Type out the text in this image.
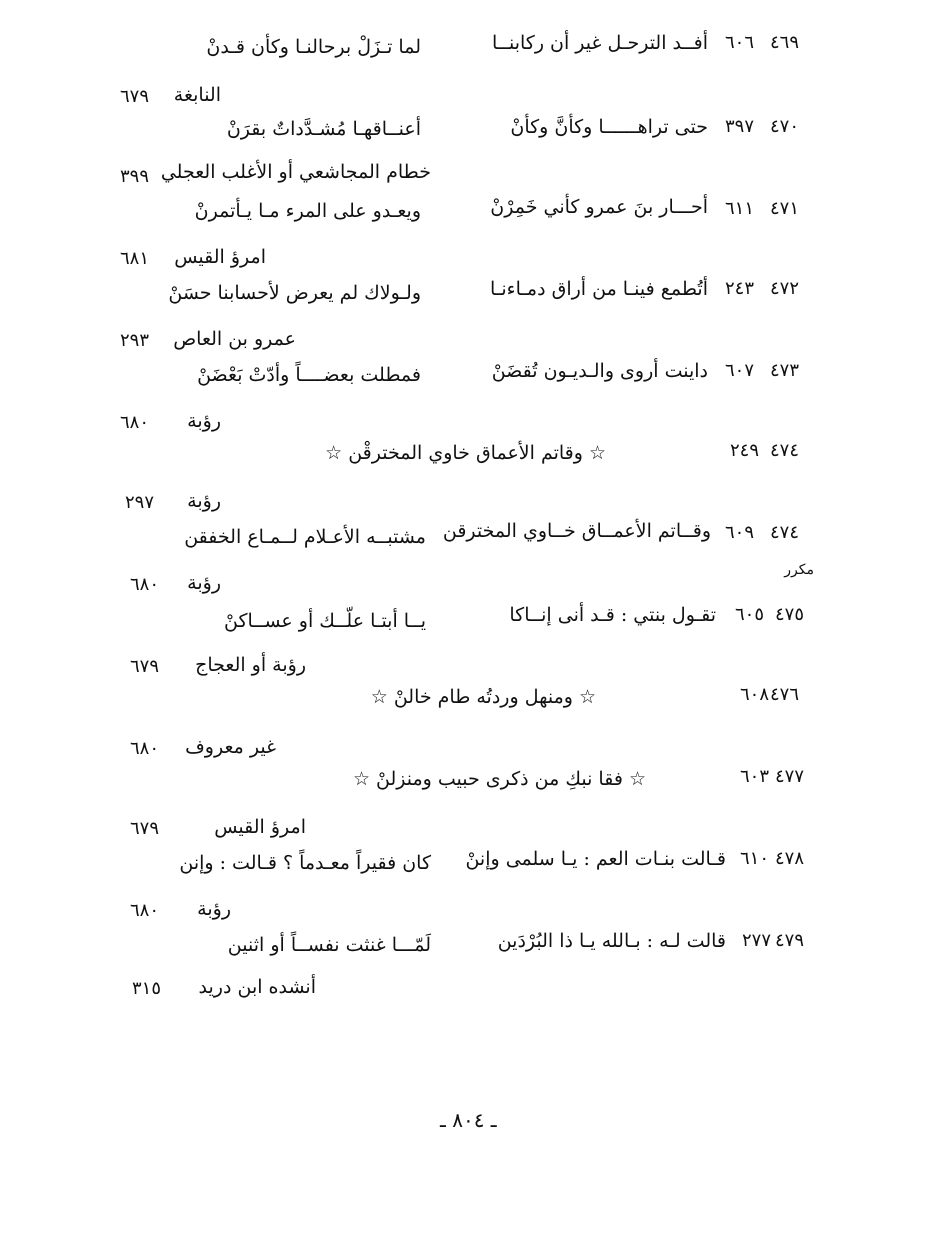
٤٦٩
٦٠٦
أفــد الترحـل غير أن ركابنــا
لما تـزَلْ برحالنـا وكأن قـدنْ
النابغة
٦٧٩
٤٧٠
٣٩٧
حتى تراهــــــا وكأنَّ وكأنْ
أعنــاقهـا مُشـدَّداتٌ بقرَنْ
خطام المجاشعي أو الأغلب العجلي
٣٩٩
٤٧١
٦١١
أحـــار بنَ عمرو كأني خَمِرْنْ
ويعـدو على المرء مـا يـأتمرنْ
امرؤ القيس
٦٨١
٤٧٢
٢٤٣
أتُطمع فينـا من أراق دمـاءنـا
ولـولاك لم يعرض لأحسابنا حسَنْ
عمرو بن العاص
٢٩٣
٤٧٣
٦٠٧
داينت أروى والـديـون تُقضَنْ
فمطلت بعضــــاً وأدّتْ بَعْضَنْ
رؤبة
٦٨٠
٤٧٤
٢٤٩
☆ وقاتم الأعماق خاوي المخترقْن ☆
رؤبة
٢٩٧
٤٧٤
٦٠٩
وقــاتم الأعمــاق خــاوي المخترقن
مشتبــه الأعـلام لــمـاع الخفقن
مكرر
رؤبة
٦٨٠
٤٧٥
٦٠٥
تقـول بنتي : قـد أنى إنــاكا
يــا أبتـا علّــك أو عســاكنْ
رؤبة أو العجاج
٦٧٩
٤٧٦
٦٠٨
☆ ومنهل وردتُه طام خالنْ ☆
غير معروف
٦٨٠
٤٧٧
٦٠٣
☆ فقا نبكِ من ذكرى حبيب ومنزلنْ ☆
امرؤ القيس
٦٧٩
٤٧٨
٦١٠
قـالت بنـات العم : يـا سلمى وإننْ
كان فقيراً معـدماً ؟ قـالت : وإنن
رؤبة
٦٨٠
٤٧٩
٢٧٧
قالت لـه : بـالله يـا ذا البُرْدَين
لَمّـــا غنثت نفســاً أو اثنين
أنشده ابن دريد
٣١٥
ـ ٨٠٤ ـ
